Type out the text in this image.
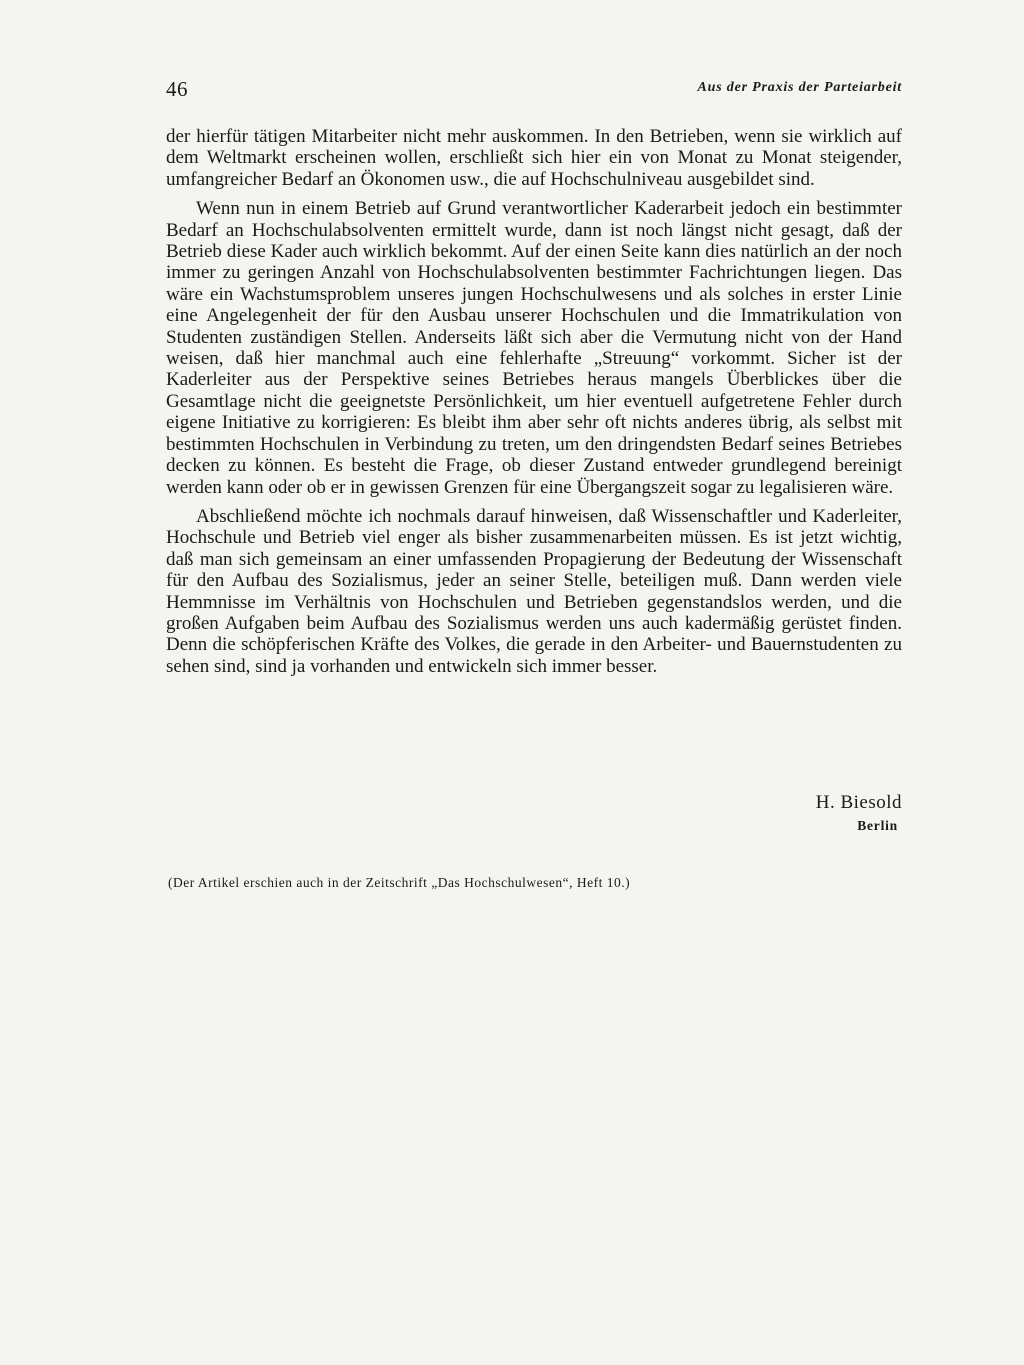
46	Aus der Praxis der Parteiarbeit

der hierfür tätigen Mitarbeiter nicht mehr auskommen. In den Betrieben, wenn sie wirklich auf dem Weltmarkt erscheinen wollen, erschließt sich hier ein von Monat zu Monat steigender, umfangreicher Bedarf an Ökonomen usw., die auf Hochschulniveau ausgebildet sind.

Wenn nun in einem Betrieb auf Grund verantwortlicher Kaderarbeit jedoch ein bestimmter Bedarf an Hochschulabsolventen ermittelt wurde, dann ist noch längst nicht gesagt, daß der Betrieb diese Kader auch wirklich bekommt. Auf der einen Seite kann dies natürlich an der noch immer zu geringen Anzahl von Hochschulabsolventen bestimmter Fachrichtungen liegen. Das wäre ein Wachstumsproblem unseres jungen Hochschulwesens und als solches in erster Linie eine Angelegenheit der für den Ausbau unserer Hochschulen und die Immatrikulation von Studenten zuständigen Stellen. Anderseits läßt sich aber die Vermutung nicht von der Hand weisen, daß hier manchmal auch eine fehlerhafte „Streuung“ vorkommt. Sicher ist der Kaderleiter aus der Perspektive seines Betriebes heraus mangels Überblickes über die Gesamtlage nicht die geeignetste Persönlichkeit, um hier eventuell aufgetretene Fehler durch eigene Initiative zu korrigieren: Es bleibt ihm aber sehr oft nichts anderes übrig, als selbst mit bestimmten Hochschulen in Verbindung zu treten, um den dringendsten Bedarf seines Betriebes decken zu können. Es besteht die Frage, ob dieser Zustand entweder grundlegend bereinigt werden kann oder ob er in gewissen Grenzen für eine Übergangszeit sogar zu legalisieren wäre.

Abschließend möchte ich nochmals darauf hinweisen, daß Wissenschaftler und Kaderleiter, Hochschule und Betrieb viel enger als bisher zusammenarbeiten müssen. Es ist jetzt wichtig, daß man sich gemeinsam an einer umfassenden Propagierung der Bedeutung der Wissenschaft für den Aufbau des Sozialismus, jeder an seiner Stelle, beteiligen muß. Dann werden viele Hemmnisse im Verhältnis von Hochschulen und Betrieben gegenstandslos werden, und die großen Aufgaben beim Aufbau des Sozialismus werden uns auch kadermäßig gerüstet finden. Denn die schöpferischen Kräfte des Volkes, die gerade in den Arbeiter- und Bauernstudenten zu sehen sind, sind ja vorhanden und entwickeln sich immer besser.

H. Biesold
Berlin
(Der Artikel erschien auch in der Zeitschrift „Das Hochschulwesen“, Heft 10.)
